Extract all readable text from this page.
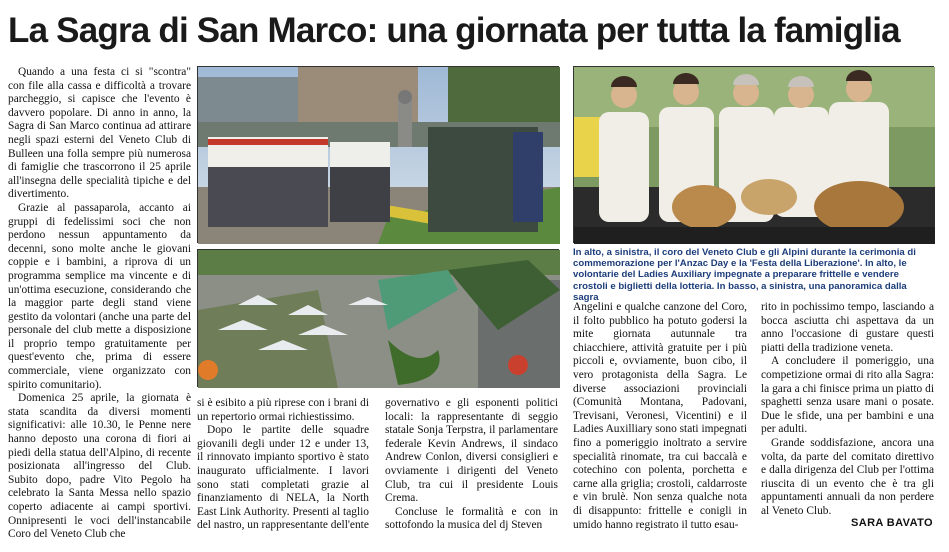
La Sagra di San Marco: una giornata per tutta la famiglia

Quando a una festa ci si "scontra" con file alla cassa e difficoltà a trovare parcheggio, si capisce che l'evento è davvero popolare. Di anno in anno, la Sagra di San Marco continua ad attirare negli spazi esterni del Veneto Club di Bulleen una folla sempre più numerosa di famiglie che trascorrono il 25 aprile all'insegna delle specialità tipiche e del divertimento.

Grazie al passaparola, accanto ai gruppi di fedelissimi soci che non perdono nessun appuntamento da decenni, sono molte anche le giovani coppie e i bambini, a riprova di un programma semplice ma vincente e di un'ottima esecuzione, considerando che la maggior parte degli stand viene gestito da volontari (anche una parte del personale del club mette a disposizione il proprio tempo gratuitamente per quest'evento che, prima di essere commerciale, viene organizzato con spirito comunitario).

Domenica 25 aprile, la giornata è stata scandita da diversi momenti significativi: alle 10.30, le Penne nere hanno deposto una corona di fiori ai piedi della statua dell'Alpino, di recente posizionata all'ingresso del Club. Subito dopo, padre Vito Pegolo ha celebrato la Santa Messa nello spazio coperto adiacente ai campi sportivi. Onnipresenti le voci dell'instancabile Coro del Veneto Club che

In alto, a sinistra, il coro del Veneto Club e gli Alpini durante la cerimonia di commemorazione per l'Anzac Day e la 'Festa della Liberazione'. In alto, le volontarie del Ladies Auxiliary impegnate a preparare frittelle e vendere crostoli e biglietti della lotteria. In basso, a sinistra, una panoramica dalla sagra

si è esibito a più riprese con i brani di un repertorio ormai richiestissimo.

Dopo le partite delle squadre giovanili degli under 12 e under 13, il rinnovato impianto sportivo è stato inaugurato ufficialmente. I lavori sono stati completati grazie al finanziamento di NELA, la North East Link Authority. Presenti al taglio del nastro, un rappresentante dell'ente

governativo e gli esponenti politici locali: la rappresentante di seggio statale Sonja Terpstra, il parlamentare federale Kevin Andrews, il sindaco Andrew Conlon, diversi consiglieri e ovviamente i dirigenti del Veneto Club, tra cui il presidente Louis Crema.

Concluse le formalità e con in sottofondo la musica del dj Steven

Angelini e qualche canzone del Coro, il folto pubblico ha potuto godersi la mite giornata autunnale tra chiacchiere, attività gratuite per i più piccoli e, ovviamente, buon cibo, il vero protagonista della Sagra. Le diverse associazioni provinciali (Comunità Montana, Padovani, Trevisani, Veronesi, Vicentini) e il Ladies Auxilliary sono stati impegnati fino a pomeriggio inoltrato a servire specialità rinomate, tra cui baccalà e cotechino con polenta, porchetta e carne alla griglia; crostoli, caldarroste e vin brulè. Non senza qualche nota di disappunto: frittelle e conigli in umido hanno registrato il tutto esau-

rito in pochissimo tempo, lasciando a bocca asciutta chi aspettava da un anno l'occasione di gustare questi piatti della tradizione veneta.

A concludere il pomeriggio, una competizione ormai di rito alla Sagra: la gara a chi finisce prima un piatto di spaghetti senza usare mani o posate. Due le sfide, una per bambini e una per adulti.

Grande soddisfazione, ancora una volta, da parte del comitato direttivo e dalla dirigenza del Club per l'ottima riuscita di un evento che è tra gli appuntamenti annuali da non perdere al Veneto Club.

SARA BAVATO
